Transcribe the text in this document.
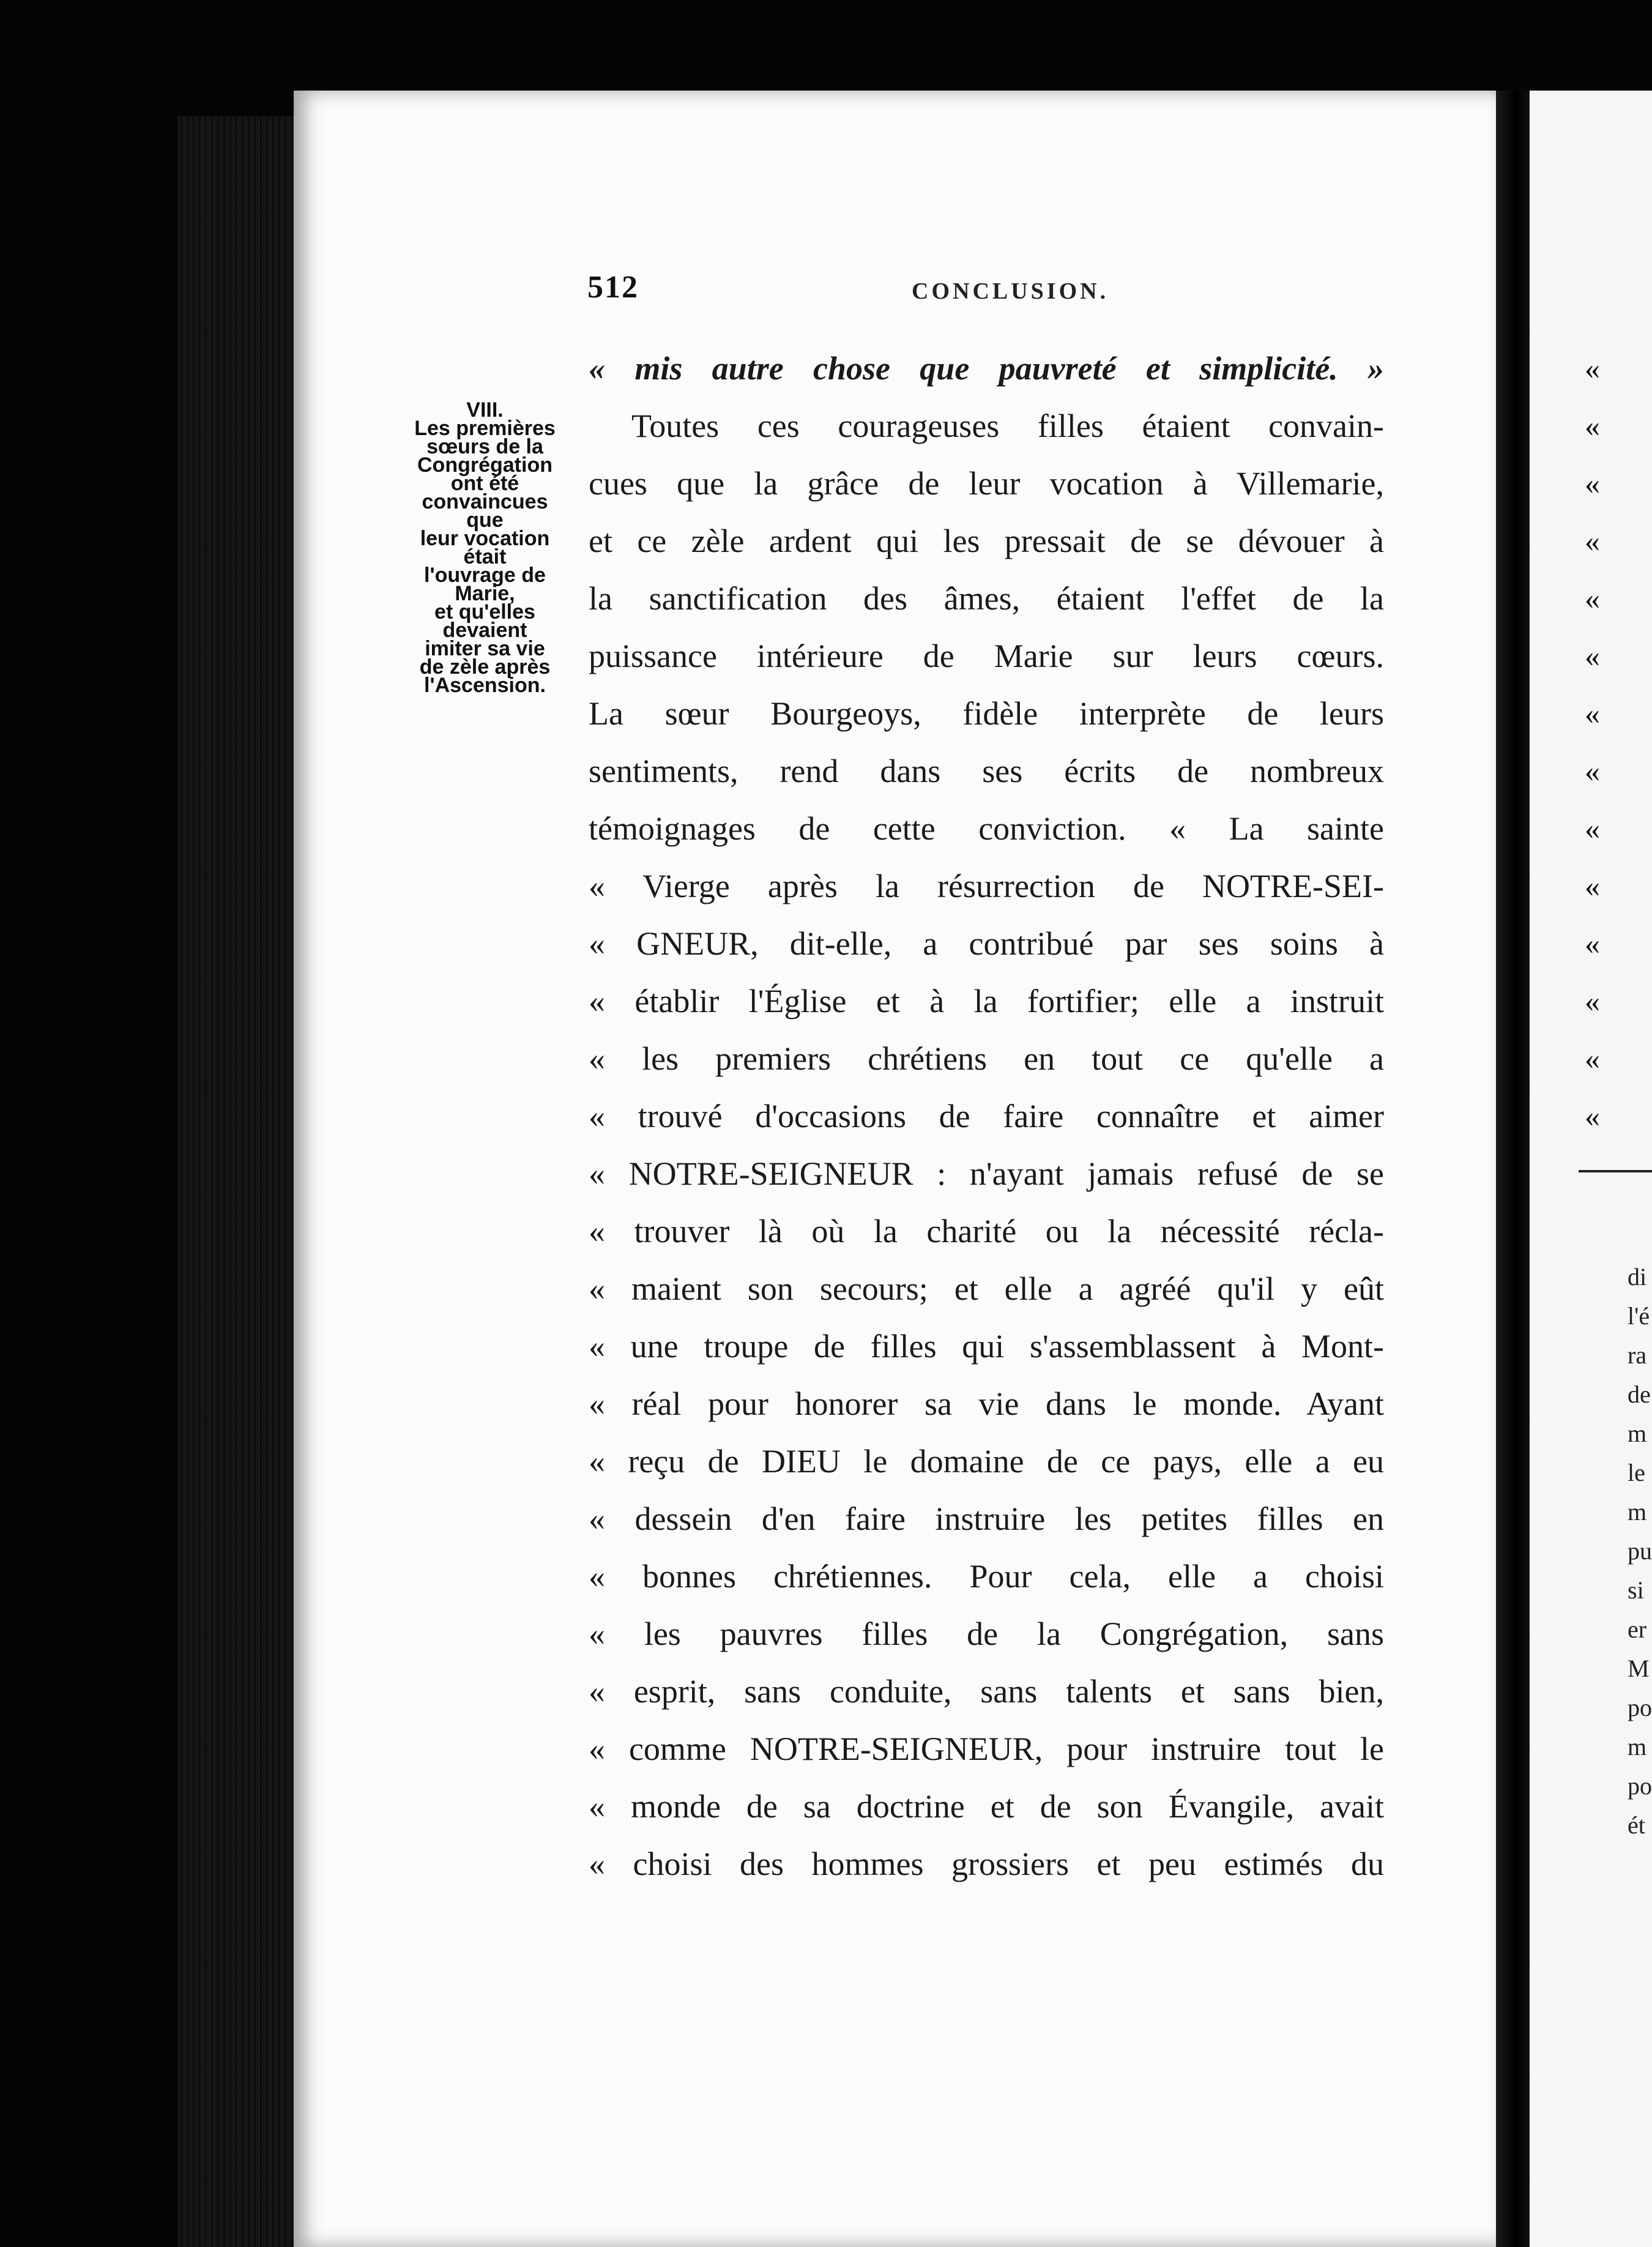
512	CONCLUSION.
VIII.
Les premières
sœurs de la
Congrégation
ont été
convaincues
que
leur vocation
était
l'ouvrage de
Marie,
et qu'elles
devaient
imiter sa vie
de zèle après
l'Ascension.
« mis autre chose que pauvreté et simplicité. »
Toutes ces courageuses filles étaient convain-
cues que la grâce de leur vocation à Villemarie,
et ce zèle ardent qui les pressait de se dévouer à
la sanctification des âmes, étaient l'effet de la
puissance intérieure de Marie sur leurs cœurs.
La sœur Bourgeoys, fidèle interprète de leurs
sentiments, rend dans ses écrits de nombreux
témoignages de cette conviction. « La sainte
« Vierge après la résurrection de NOTRE-SEI-
« GNEUR, dit-elle, a contribué par ses soins à
« établir l'Église et à la fortifier; elle a instruit
« les premiers chrétiens en tout ce qu'elle a
« trouvé d'occasions de faire connaître et aimer
« NOTRE-SEIGNEUR : n'ayant jamais refusé de se
« trouver là où la charité ou la nécessité récla-
« maient son secours; et elle a agréé qu'il y eût
« une troupe de filles qui s'assemblassent à Mont-
« réal pour honorer sa vie dans le monde. Ayant
« reçu de DIEU le domaine de ce pays, elle a eu
« dessein d'en faire instruire les petites filles en
« bonnes chrétiennes. Pour cela, elle a choisi
« les pauvres filles de la Congrégation, sans
« esprit, sans conduite, sans talents et sans bien,
« comme NOTRE-SEIGNEUR, pour instruire tout le
« monde de sa doctrine et de son Évangile, avait
« choisi des hommes grossiers et peu estimés du
«
«
«
«
«
«
«
«
«
«
«
«
«
«
di
l'é
ra
de
m
le
m
pu
si
er
M
po
m
po
ét
